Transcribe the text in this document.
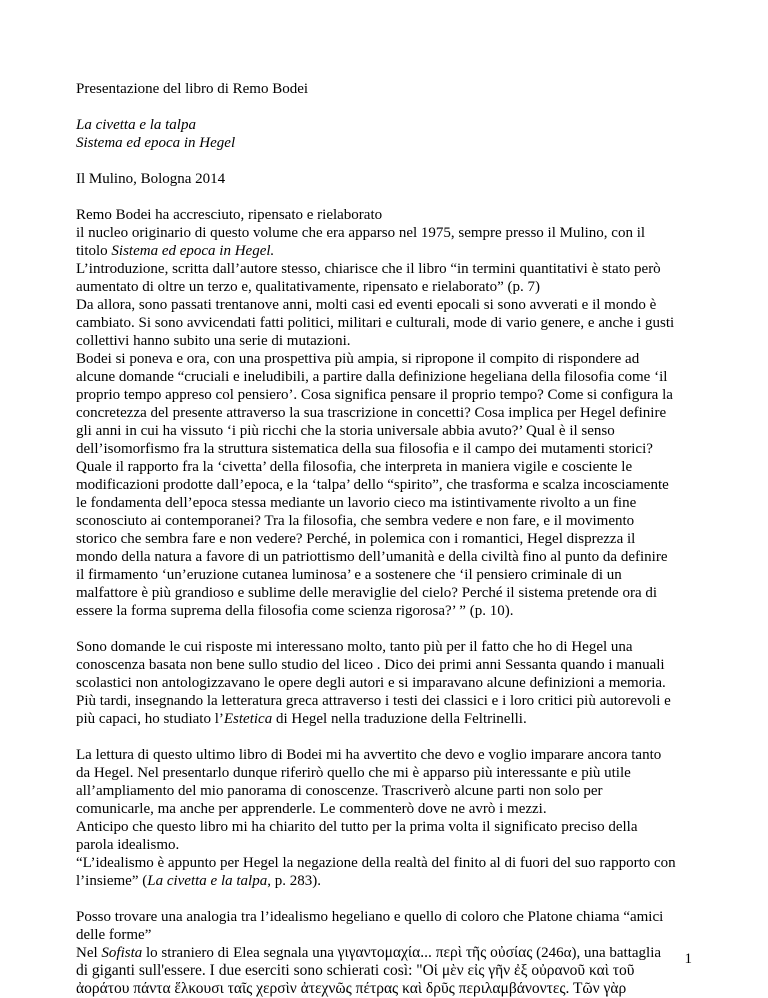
Presentazione del libro di Remo Bodei
La civetta e la talpa
Sistema ed epoca in Hegel
Il Mulino, Bologna 2014
Remo Bodei ha accresciuto, ripensato e rielaborato
il nucleo originario di questo volume che era apparso nel 1975, sempre presso il Mulino, con il
titolo Sistema ed epoca in Hegel.
L’introduzione, scritta dall’autore stesso, chiarisce che il libro “in termini quantitativi è stato però
aumentato di oltre un terzo e, qualitativamente, ripensato e rielaborato” (p. 7)
Da allora, sono passati trentanove anni, molti casi ed eventi epocali si sono avverati e il mondo è
cambiato. Si sono avvicendati fatti politici, militari e culturali, mode di vario genere, e anche i gusti
collettivi hanno subito una serie di mutazioni.
Bodei si poneva e ora, con una prospettiva più ampia, si ripropone il compito di rispondere ad
alcune domande “cruciali e ineludibili, a partire dalla definizione hegeliana della filosofia come ‘il
proprio tempo appreso col pensiero’. Cosa significa pensare il proprio tempo? Come si configura la
concretezza del presente attraverso la sua trascrizione in concetti? Cosa implica per Hegel definire
gli anni in cui ha vissuto ‘i più ricchi che la storia universale abbia avuto?’ Qual è il senso
dell’isomorfismo fra la struttura sistematica della sua filosofia e il campo dei mutamenti storici?
Quale il rapporto fra la ‘civetta’ della filosofia, che interpreta in maniera vigile e cosciente le
modificazioni prodotte dall’epoca, e la ‘talpa’ dello “spirito”, che trasforma e scalza incosciamente
le fondamenta dell’epoca stessa mediante un lavorio cieco ma istintivamente rivolto a un fine
sconosciuto ai contemporanei? Tra la filosofia, che sembra vedere e non fare, e il movimento
storico che sembra fare e non vedere? Perché, in polemica con i romantici, Hegel disprezza il
mondo della natura a favore di un patriottismo dell’umanità e della civiltà fino al punto da definire
il firmamento ‘un’eruzione cutanea luminosa’ e a sostenere che ‘il pensiero criminale di un
malfattore è più grandioso e sublime delle meraviglie del cielo? Perché il sistema pretende ora di
essere la forma suprema della filosofia come scienza rigorosa?’ ” (p. 10).
Sono domande le cui risposte mi interessano molto, tanto più per il fatto che ho di Hegel una
conoscenza basata non bene sullo studio del liceo . Dico dei primi anni Sessanta quando i manuali
scolastici non antologizzavano le opere degli autori e si imparavano alcune definizioni a memoria.
Più tardi, insegnando la letteratura greca attraverso i testi dei classici e i loro critici più autorevoli e
più capaci, ho studiato l’Estetica di Hegel nella traduzione della Feltrinelli.
La lettura di questo ultimo libro di Bodei mi ha avvertito che devo e voglio imparare ancora tanto
da Hegel. Nel presentarlo dunque riferirò quello che mi è apparso più interessante e più utile
all’ampliamento del mio panorama di conoscenze. Trascriverò alcune parti non solo per
comunicarle, ma anche per apprenderle. Le commenterò dove ne avrò i mezzi.
Anticipo che questo libro mi ha chiarito del tutto per la prima volta il significato preciso della
parola idealismo.
“L’idealismo è appunto per Hegel la negazione della realtà del finito al di fuori del suo rapporto con
l’insieme” (La civetta e la talpa, p. 283).
Posso trovare una analogia tra l’idealismo hegeliano e quello di coloro che Platone chiama “amici
delle forme”
Nel Sofista lo straniero di Elea segnala una γιγαντομαχία... περὶ τῆς οὐσίας (246α), una battaglia
di giganti sull'essere. I due eserciti sono schierati così: "Οἱ μὲν εἰς γῆν ἐξ οὐρανοῦ καὶ τοῦ
ἀοράτου πάντα ἕλκουσι ταῖς χερσὶν ἀτεχνῶς πέτρας καὶ δρῦς περιλαμβάνοντες. Τῶν γὰρ
1
